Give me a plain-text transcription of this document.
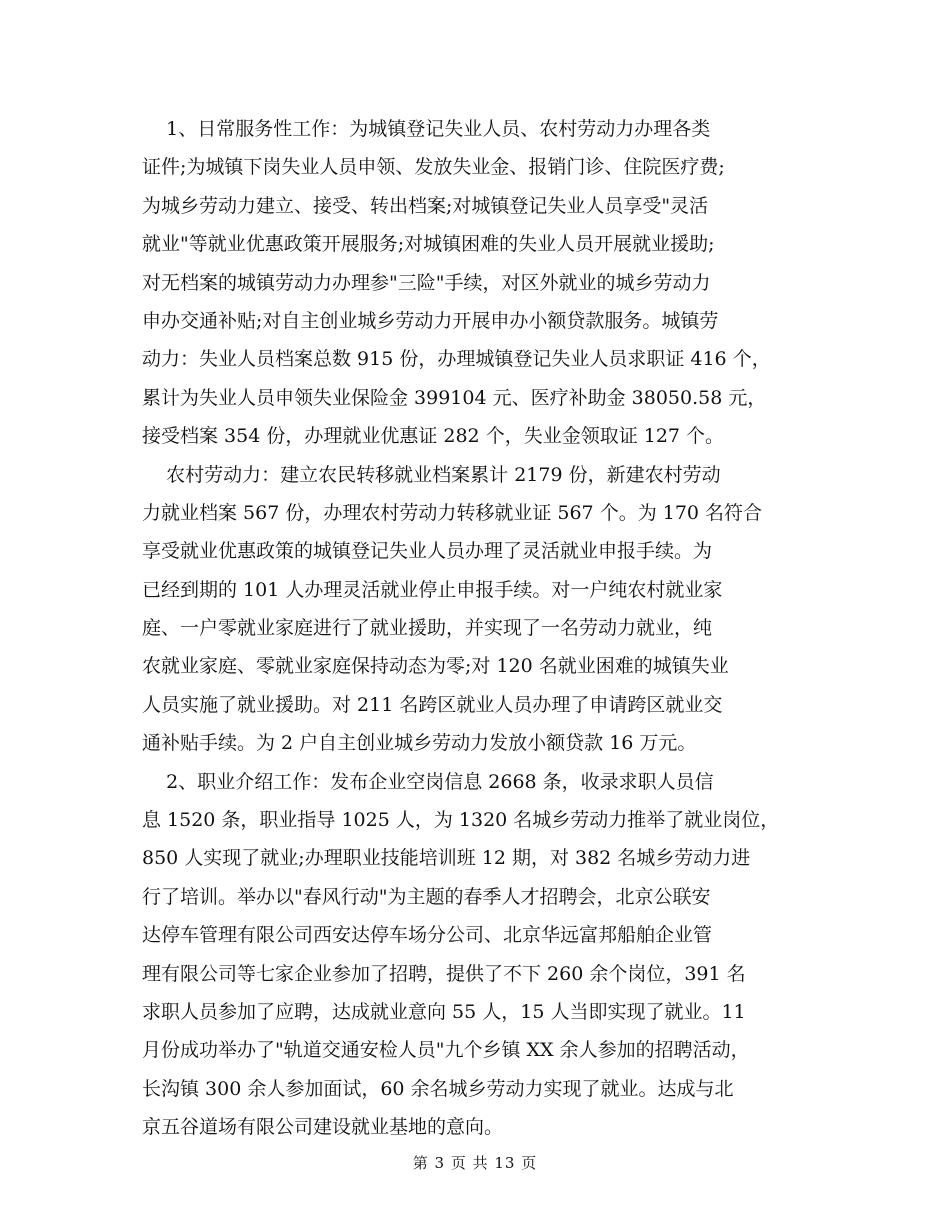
1、日常服务性工作：为城镇登记失业人员、农村劳动力办理各类
证件;为城镇下岗失业人员申领、发放失业金、报销门诊、住院医疗费;
为城乡劳动力建立、接受、转出档案;对城镇登记失业人员享受"灵活
就业"等就业优惠政策开展服务;对城镇困难的失业人员开展就业援助;
对无档案的城镇劳动力办理参"三险"手续，对区外就业的城乡劳动力
申办交通补贴;对自主创业城乡劳动力开展申办小额贷款服务。城镇劳
动力：失业人员档案总数 915 份，办理城镇登记失业人员求职证 416 个，
累计为失业人员申领失业保险金 399104 元、医疗补助金 38050.58 元，
接受档案 354 份，办理就业优惠证 282 个，失业金领取证 127 个。
农村劳动力：建立农民转移就业档案累计 2179 份，新建农村劳动
力就业档案 567 份，办理农村劳动力转移就业证 567 个。为 170 名符合
享受就业优惠政策的城镇登记失业人员办理了灵活就业申报手续。为
已经到期的 101 人办理灵活就业停止申报手续。对一户纯农村就业家
庭、一户零就业家庭进行了就业援助，并实现了一名劳动力就业，纯
农就业家庭、零就业家庭保持动态为零;对 120 名就业困难的城镇失业
人员实施了就业援助。对 211 名跨区就业人员办理了申请跨区就业交
通补贴手续。为 2 户自主创业城乡劳动力发放小额贷款 16 万元。
2、职业介绍工作：发布企业空岗信息 2668 条，收录求职人员信
息 1520 条，职业指导 1025 人，为 1320 名城乡劳动力推举了就业岗位，
850 人实现了就业;办理职业技能培训班 12 期，对 382 名城乡劳动力进
行了培训。举办以"春风行动"为主题的春季人才招聘会，北京公联安
达停车管理有限公司西安达停车场分公司、北京华远富邦船舶企业管
理有限公司等七家企业参加了招聘，提供了不下 260 余个岗位，391 名
求职人员参加了应聘，达成就业意向 55 人，15 人当即实现了就业。11
月份成功举办了"轨道交通安检人员"九个乡镇 XX 余人参加的招聘活动，
长沟镇 300 余人参加面试，60 余名城乡劳动力实现了就业。达成与北
京五谷道场有限公司建设就业基地的意向。
第 3 页 共 13 页
